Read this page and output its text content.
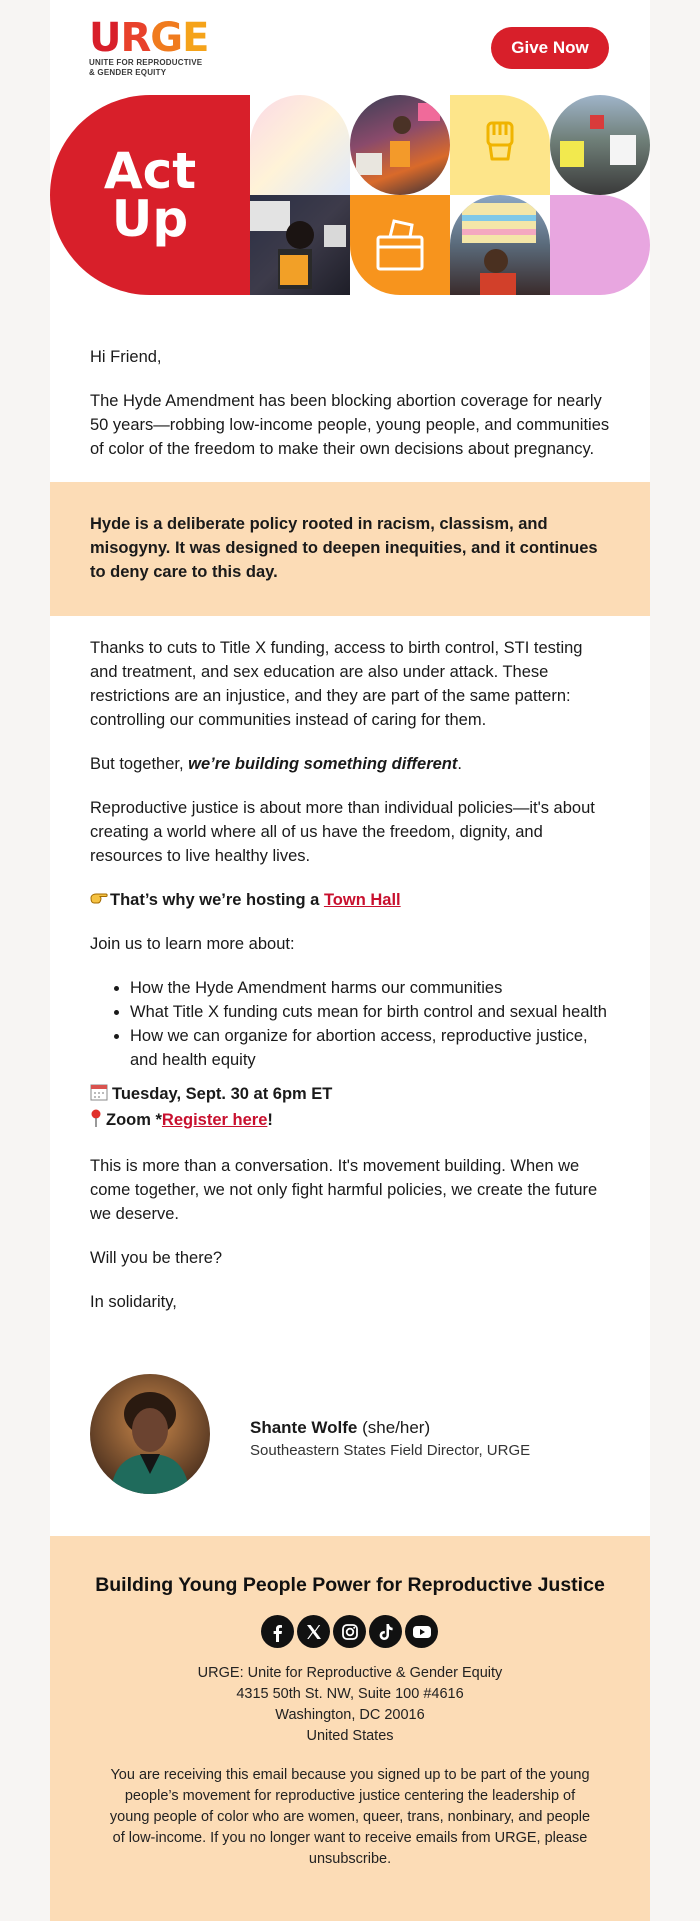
URGE
UNITE FOR REPRODUCTIVE
& GENDER EQUITY
Give Now
Act
Up

Hi Friend,

The Hyde Amendment has been blocking abortion coverage for nearly 50 years—robbing low-income people, young people, and communities of color of the freedom to make their own decisions about pregnancy.

Hyde is a deliberate policy rooted in racism, classism, and misogyny. It was designed to deepen inequities, and it continues to deny care to this day.

Thanks to cuts to Title X funding, access to birth control, STI testing and treatment, and sex education are also under attack. These restrictions are an injustice, and they are part of the same pattern: controlling our communities instead of caring for them.

But together, we’re building something different.

Reproductive justice is about more than individual policies—it's about creating a world where all of us have the freedom, dignity, and resources to live healthy lives.

That’s why we’re hosting a Town Hall

Join us to learn more about:

• How the Hyde Amendment harms our communities
• What Title X funding cuts mean for birth control and sexual health
• How we can organize for abortion access, reproductive justice, and health equity
Tuesday, Sept. 30 at 6pm ET
Zoom *Register here!

This is more than a conversation. It's movement building. When we come together, we not only fight harmful policies, we create the future we deserve.

Will you be there?

In solidarity,

Shante Wolfe (she/her)
Southeastern States Field Director, URGE
Building Young People Power for Reproductive Justice
URGE: Unite for Reproductive & Gender Equity
4315 50th St. NW, Suite 100 #4616
Washington, DC 20016
United States
You are receiving this email because you signed up to be part of the young people’s movement for reproductive justice centering the leadership of young people of color who are women, queer, trans, nonbinary, and people of low-income. If you no longer want to receive emails from URGE, please unsubscribe.
